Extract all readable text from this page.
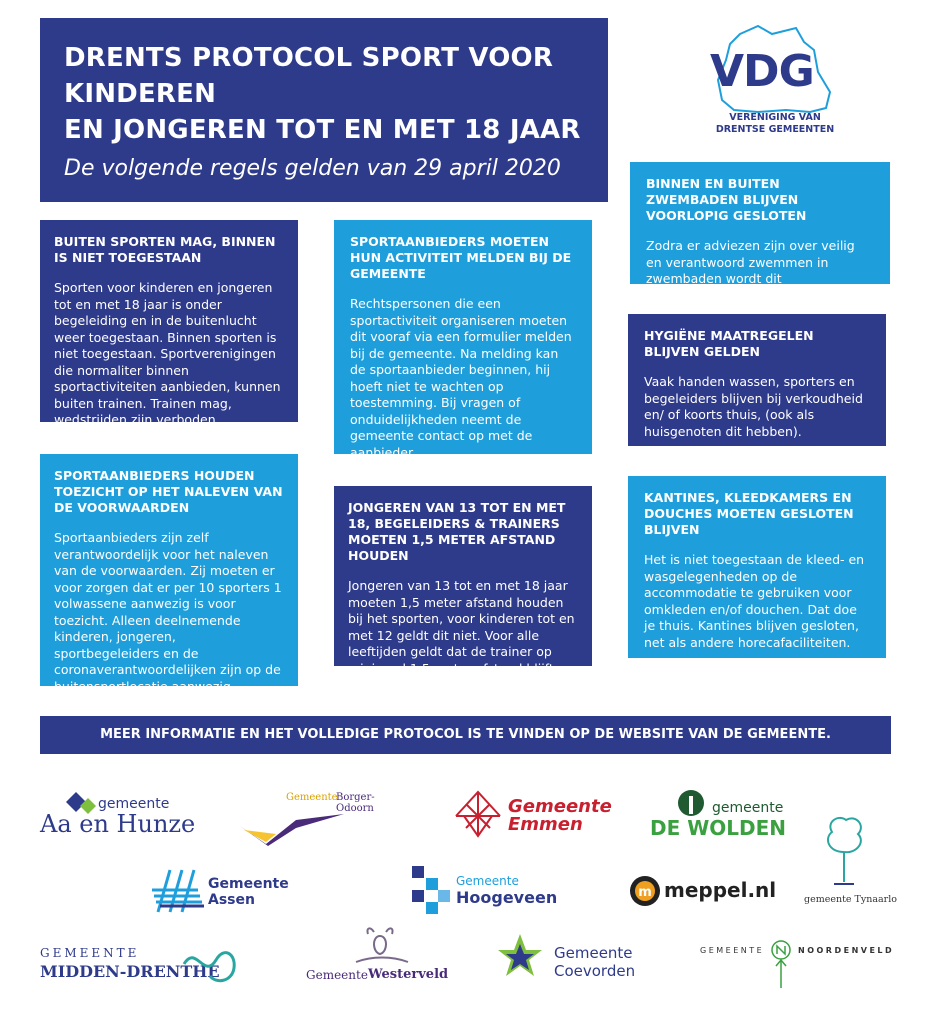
DRENTS PROTOCOL SPORT VOOR KINDEREN
EN JONGEREN TOT EN MET 18 JAAR
De volgende regels gelden van 29 april 2020
VDG
VERENIGING VAN
DRENTSE GEMEENTEN
BUITEN SPORTEN MAG, BINNEN IS NIET TOEGESTAAN
Sporten voor kinderen en jongeren tot en met 18 jaar is onder begeleiding en in de buitenlucht weer toegestaan. Binnen sporten is niet toegestaan. Sportverenigingen die normaliter binnen sportactiviteiten aanbieden, kunnen buiten trainen. Trainen mag, wedstrijden zijn verboden.
SPORTAANBIEDERS MOETEN HUN ACTIVITEIT MELDEN BIJ DE GEMEENTE
Rechtspersonen die een sportactiviteit organiseren moeten dit vooraf via een formulier melden bij de gemeente. Na melding kan de sportaanbieder beginnen, hij hoeft niet te wachten op toestemming. Bij vragen of onduidelijkheden neemt de gemeente contact op met de aanbieder.
BINNEN EN BUITEN ZWEMBADEN BLIJVEN VOORLOPIG GESLOTEN
Zodra er adviezen zijn over veilig en verantwoord zwemmen in zwembaden wordt dit heroverwogen.
HYGIËNE MAATREGELEN BLIJVEN GELDEN
Vaak handen wassen, sporters en begeleiders blijven bij verkoudheid en/ of koorts thuis, (ook als huisgenoten dit hebben).
SPORTAANBIEDERS HOUDEN TOEZICHT OP HET NALEVEN VAN DE VOORWAARDEN
Sportaanbieders zijn zelf verantwoordelijk voor het naleven van de voorwaarden. Zij moeten er voor zorgen dat er per 10 sporters 1 volwassene aanwezig is voor toezicht. Alleen deelnemende kinderen, jongeren, sportbegeleiders en de coronaverantwoordelijken zijn op de buitensportlocatie aanwezig.
JONGEREN VAN 13 TOT EN MET 18, BEGELEIDERS & TRAINERS MOETEN 1,5 METER AFSTAND HOUDEN
Jongeren van 13 tot en met 18 jaar moeten 1,5 meter afstand houden bij het sporten, voor kinderen tot en met 12 geldt dit niet. Voor alle leeftijden geldt dat de trainer op minimaal 1,5 meter afstand blijft.
KANTINES, KLEEDKAMERS EN DOUCHES MOETEN GESLOTEN BLIJVEN
Het is niet toegestaan de kleed- en wasgelegenheden op de accommodatie te gebruiken voor omkleden en/of douchen. Dat doe je thuis. Kantines blijven gesloten, net als andere horecafaciliteiten.
MEER INFORMATIE EN HET VOLLEDIGE PROTOCOL IS TE VINDEN OP DE WEBSITE VAN DE GEMEENTE.
gemeente
Aa en Hunze
Gemeente
Borger-Odoorn	Gemeente
Emmen
gemeente
DE WOLDEN
gemeente Tynaarlo
Gemeente Assen
Gemeente
Hoogeveen	m meppel.nl
GEMEENTE
MIDDEN-DRENTHE	Gemeente Westerveld
Gemeente
Coevorden
GEMEENTE	NOORDENVELD
